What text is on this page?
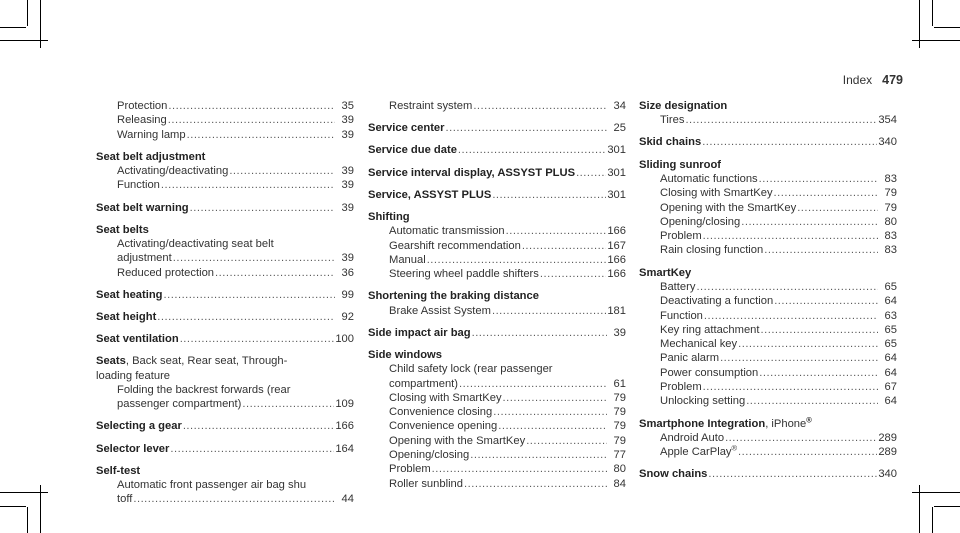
Index 479
Protection .....	35
Releasing .....	39
Warning lamp .....	39
Seat belt adjustment
Activating/deactivating .....	39
Function .....	39
Seat belt warning .....	39
Seat belts
Activating/deactivating seat belt
adjustment .....	39
Reduced protection .....	36
Seat heating .....	99
Seat height .....	92
Seat ventilation .....	100
Seats, Back seat, Rear seat, Through-
loading feature
Folding the backrest forwards (rear
passenger compartment) .....	109
Selecting a gear .....	166
Selector lever .....	164
Self-test
Automatic front passenger air bag shu
toff .....	44
Restraint system .....	34
Service center .....	25
Service due date .....	301
Service interval display, ASSYST PLUS .....	301
Service, ASSYST PLUS .....	301
Shifting
Automatic transmission .....	166
Gearshift recommendation .....	167
Manual .....	166
Steering wheel paddle shifters .....	166
Shortening the braking distance
Brake Assist System .....	181
Side impact air bag .....	39
Side windows
Child safety lock (rear passenger
compartment) .....	61
Closing with SmartKey .....	79
Convenience closing .....	79
Convenience opening .....	79
Opening with the SmartKey .....	79
Opening/closing .....	77
Problem .....	80
Roller sunblind .....	84
Size designation
Tires .....	354
Skid chains .....	340
Sliding sunroof
Automatic functions .....	83
Closing with SmartKey .....	79
Opening with the SmartKey .....	79
Opening/closing .....	80
Problem .....	83
Rain closing function .....	83
SmartKey
Battery .....	65
Deactivating a function .....	64
Function .....	63
Key ring attachment .....	65
Mechanical key .....	65
Panic alarm .....	64
Power consumption .....	64
Problem .....	67
Unlocking setting .....	64
Smartphone Integration, iPhone®
Android Auto .....	289
Apple CarPlay® .....	289
Snow chains .....	340
